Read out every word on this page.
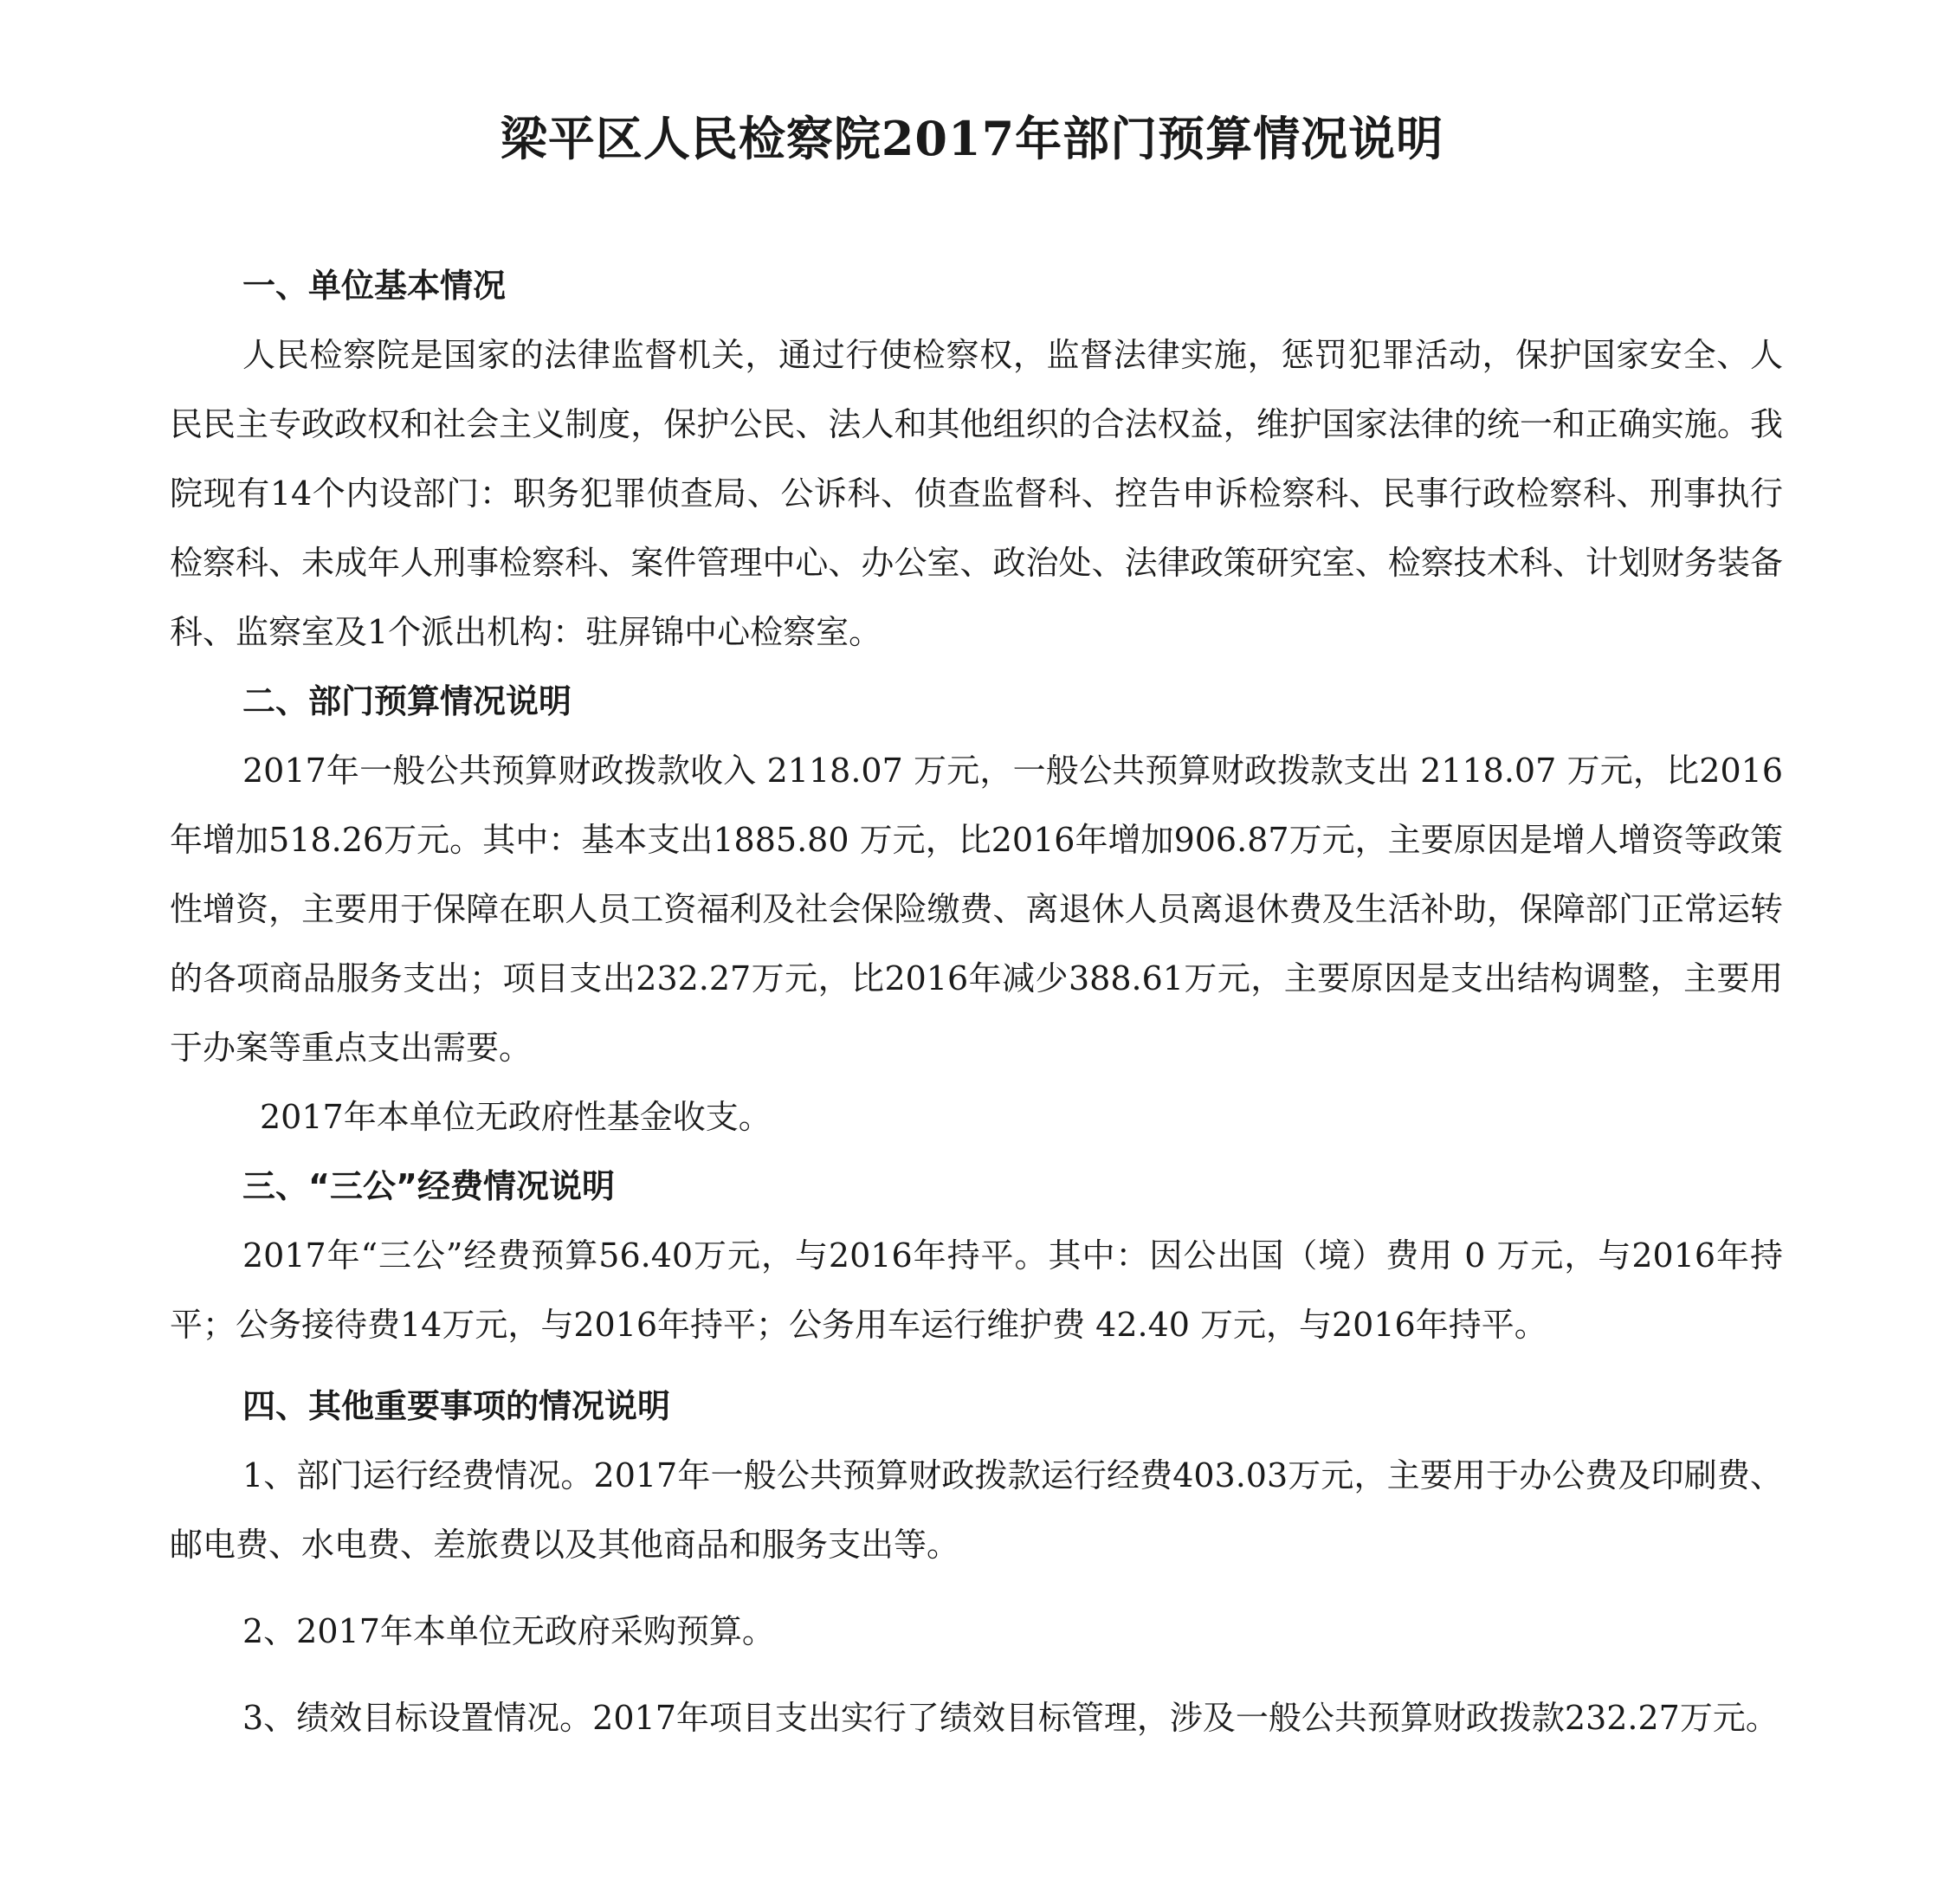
梁平区人民检察院2017年部门预算情况说明

一、单位基本情况

人民检察院是国家的法律监督机关，通过行使检察权，监督法律实施，惩罚犯罪活动，保护国家安全、人民民主专政政权和社会主义制度，保护公民、法人和其他组织的合法权益，维护国家法律的统一和正确实施。我院现有14个内设部门：职务犯罪侦查局、公诉科、侦查监督科、控告申诉检察科、民事行政检察科、刑事执行检察科、未成年人刑事检察科、案件管理中心、办公室、政治处、法律政策研究室、检察技术科、计划财务装备科、监察室及1个派出机构：驻屏锦中心检察室。

二、部门预算情况说明

2017年一般公共预算财政拨款收入 2118.07 万元，一般公共预算财政拨款支出 2118.07 万元，比2016年增加518.26万元。其中：基本支出1885.80 万元，比2016年增加906.87万元，主要原因是增人增资等政策性增资，主要用于保障在职人员工资福利及社会保险缴费、离退休人员离退休费及生活补助，保障部门正常运转的各项商品服务支出；项目支出232.27万元，比2016年减少388.61万元，主要原因是支出结构调整，主要用于办案等重点支出需要。

2017年本单位无政府性基金收支。

三、“三公”经费情况说明

2017年“三公”经费预算56.40万元，与2016年持平。其中：因公出国（境）费用 0 万元，与2016年持平；公务接待费14万元，与2016年持平；公务用车运行维护费 42.40 万元，与2016年持平。

四、其他重要事项的情况说明

1、部门运行经费情况。2017年一般公共预算财政拨款运行经费403.03万元，主要用于办公费及印刷费、邮电费、水电费、差旅费以及其他商品和服务支出等。

2、2017年本单位无政府采购预算。

3、绩效目标设置情况。2017年项目支出实行了绩效目标管理，涉及一般公共预算财政拨款232.27万元。
